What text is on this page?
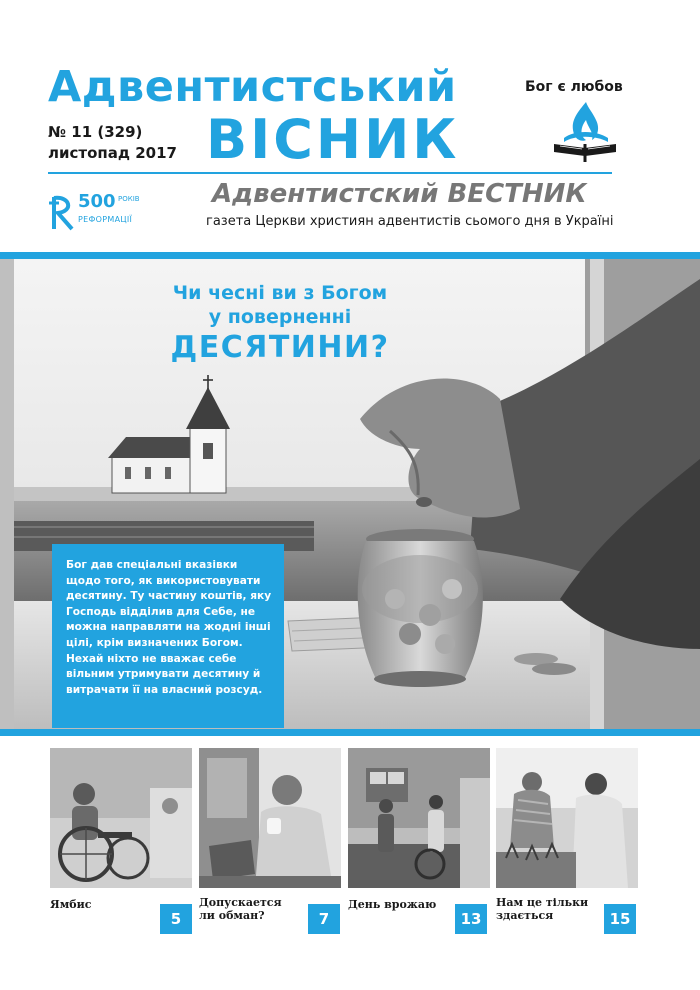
Адвентистський
ВІСНИК
№ 11 (329)
листопад 2017
Бог є любов
500 РОКІВ
РЕФОРМАЦІЇ
Адвентистский ВЕСТНИК
газета Церкви християн адвентистів сьомого дня в Україні
Чи чесні ви з Богом
у поверненні
ДЕСЯТИНИ?

Бог дав спеціальні вказівки щодо того, як використовувати десятину. Ту частину коштів, яку Господь відділив для Себе, не можна направляти на жодні інші цілі, крім визначених Богом. Нехай ніхто не вважає себе вільним утримувати десятину й витрачати її на власний розсуд.

Ямбис
5
Допускается ли обман?	7
День врожаю
13
Нам це тільки здається	15
